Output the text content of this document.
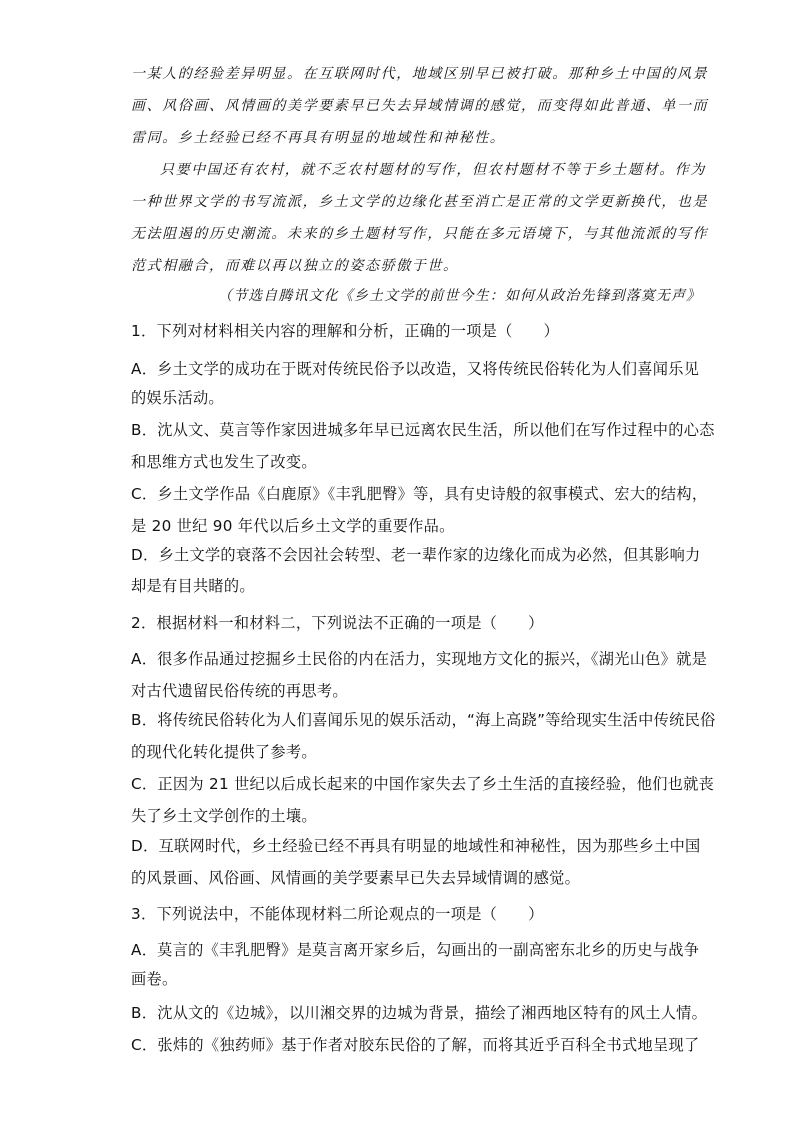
一某人的经验差异明显。在互联网时代，地域区别早已被打破。那种乡土中国的风景
画、风俗画、风情画的美学要素早已失去异域情调的感觉，而变得如此普通、单一而
雷同。乡土经验已经不再具有明显的地域性和神秘性。
只要中国还有农村，就不乏农村题材的写作，但农村题材不等于乡土题材。作为
一种世界文学的书写流派，乡土文学的边缘化甚至消亡是正常的文学更新换代，也是
无法阻遏的历史潮流。未来的乡土题材写作，只能在多元语境下，与其他流派的写作
范式相融合，而难以再以独立的姿态骄傲于世。
（节选自腾讯文化《乡土文学的前世今生：如何从政治先锋到落寞无声》
1．下列对材料相关内容的理解和分析，正确的一项是（　　）
A．乡土文学的成功在于既对传统民俗予以改造，又将传统民俗转化为人们喜闻乐见
的娱乐活动。
B．沈从文、莫言等作家因进城多年早已远离农民生活，所以他们在写作过程中的心态
和思维方式也发生了改变。
C．乡土文学作品《白鹿原》《丰乳肥臀》等，具有史诗般的叙事模式、宏大的结构，
是 20 世纪 90 年代以后乡土文学的重要作品。
D．乡土文学的衰落不会因社会转型、老一辈作家的边缘化而成为必然，但其影响力
却是有目共睹的。
2．根据材料一和材料二，下列说法不正确的一项是（　　）
A．很多作品通过挖掘乡土民俗的内在活力，实现地方文化的振兴，《湖光山色》就是
对古代遗留民俗传统的再思考。
B．将传统民俗转化为人们喜闻乐见的娱乐活动，“海上高跷”等给现实生活中传统民俗
的现代化转化提供了参考。
C．正因为 21 世纪以后成长起来的中国作家失去了乡土生活的直接经验，他们也就丧
失了乡土文学创作的土壤。
D．互联网时代，乡土经验已经不再具有明显的地域性和神秘性，因为那些乡土中国
的风景画、风俗画、风情画的美学要素早已失去异域情调的感觉。
3．下列说法中，不能体现材料二所论观点的一项是（　　）
A．莫言的《丰乳肥臀》是莫言离开家乡后，勾画出的一副高密东北乡的历史与战争
画卷。
B．沈从文的《边城》，以川湘交界的边城为背景，描绘了湘西地区特有的风土人情。
C．张炜的《独药师》基于作者对胶东民俗的了解，而将其近乎百科全书式地呈现了
